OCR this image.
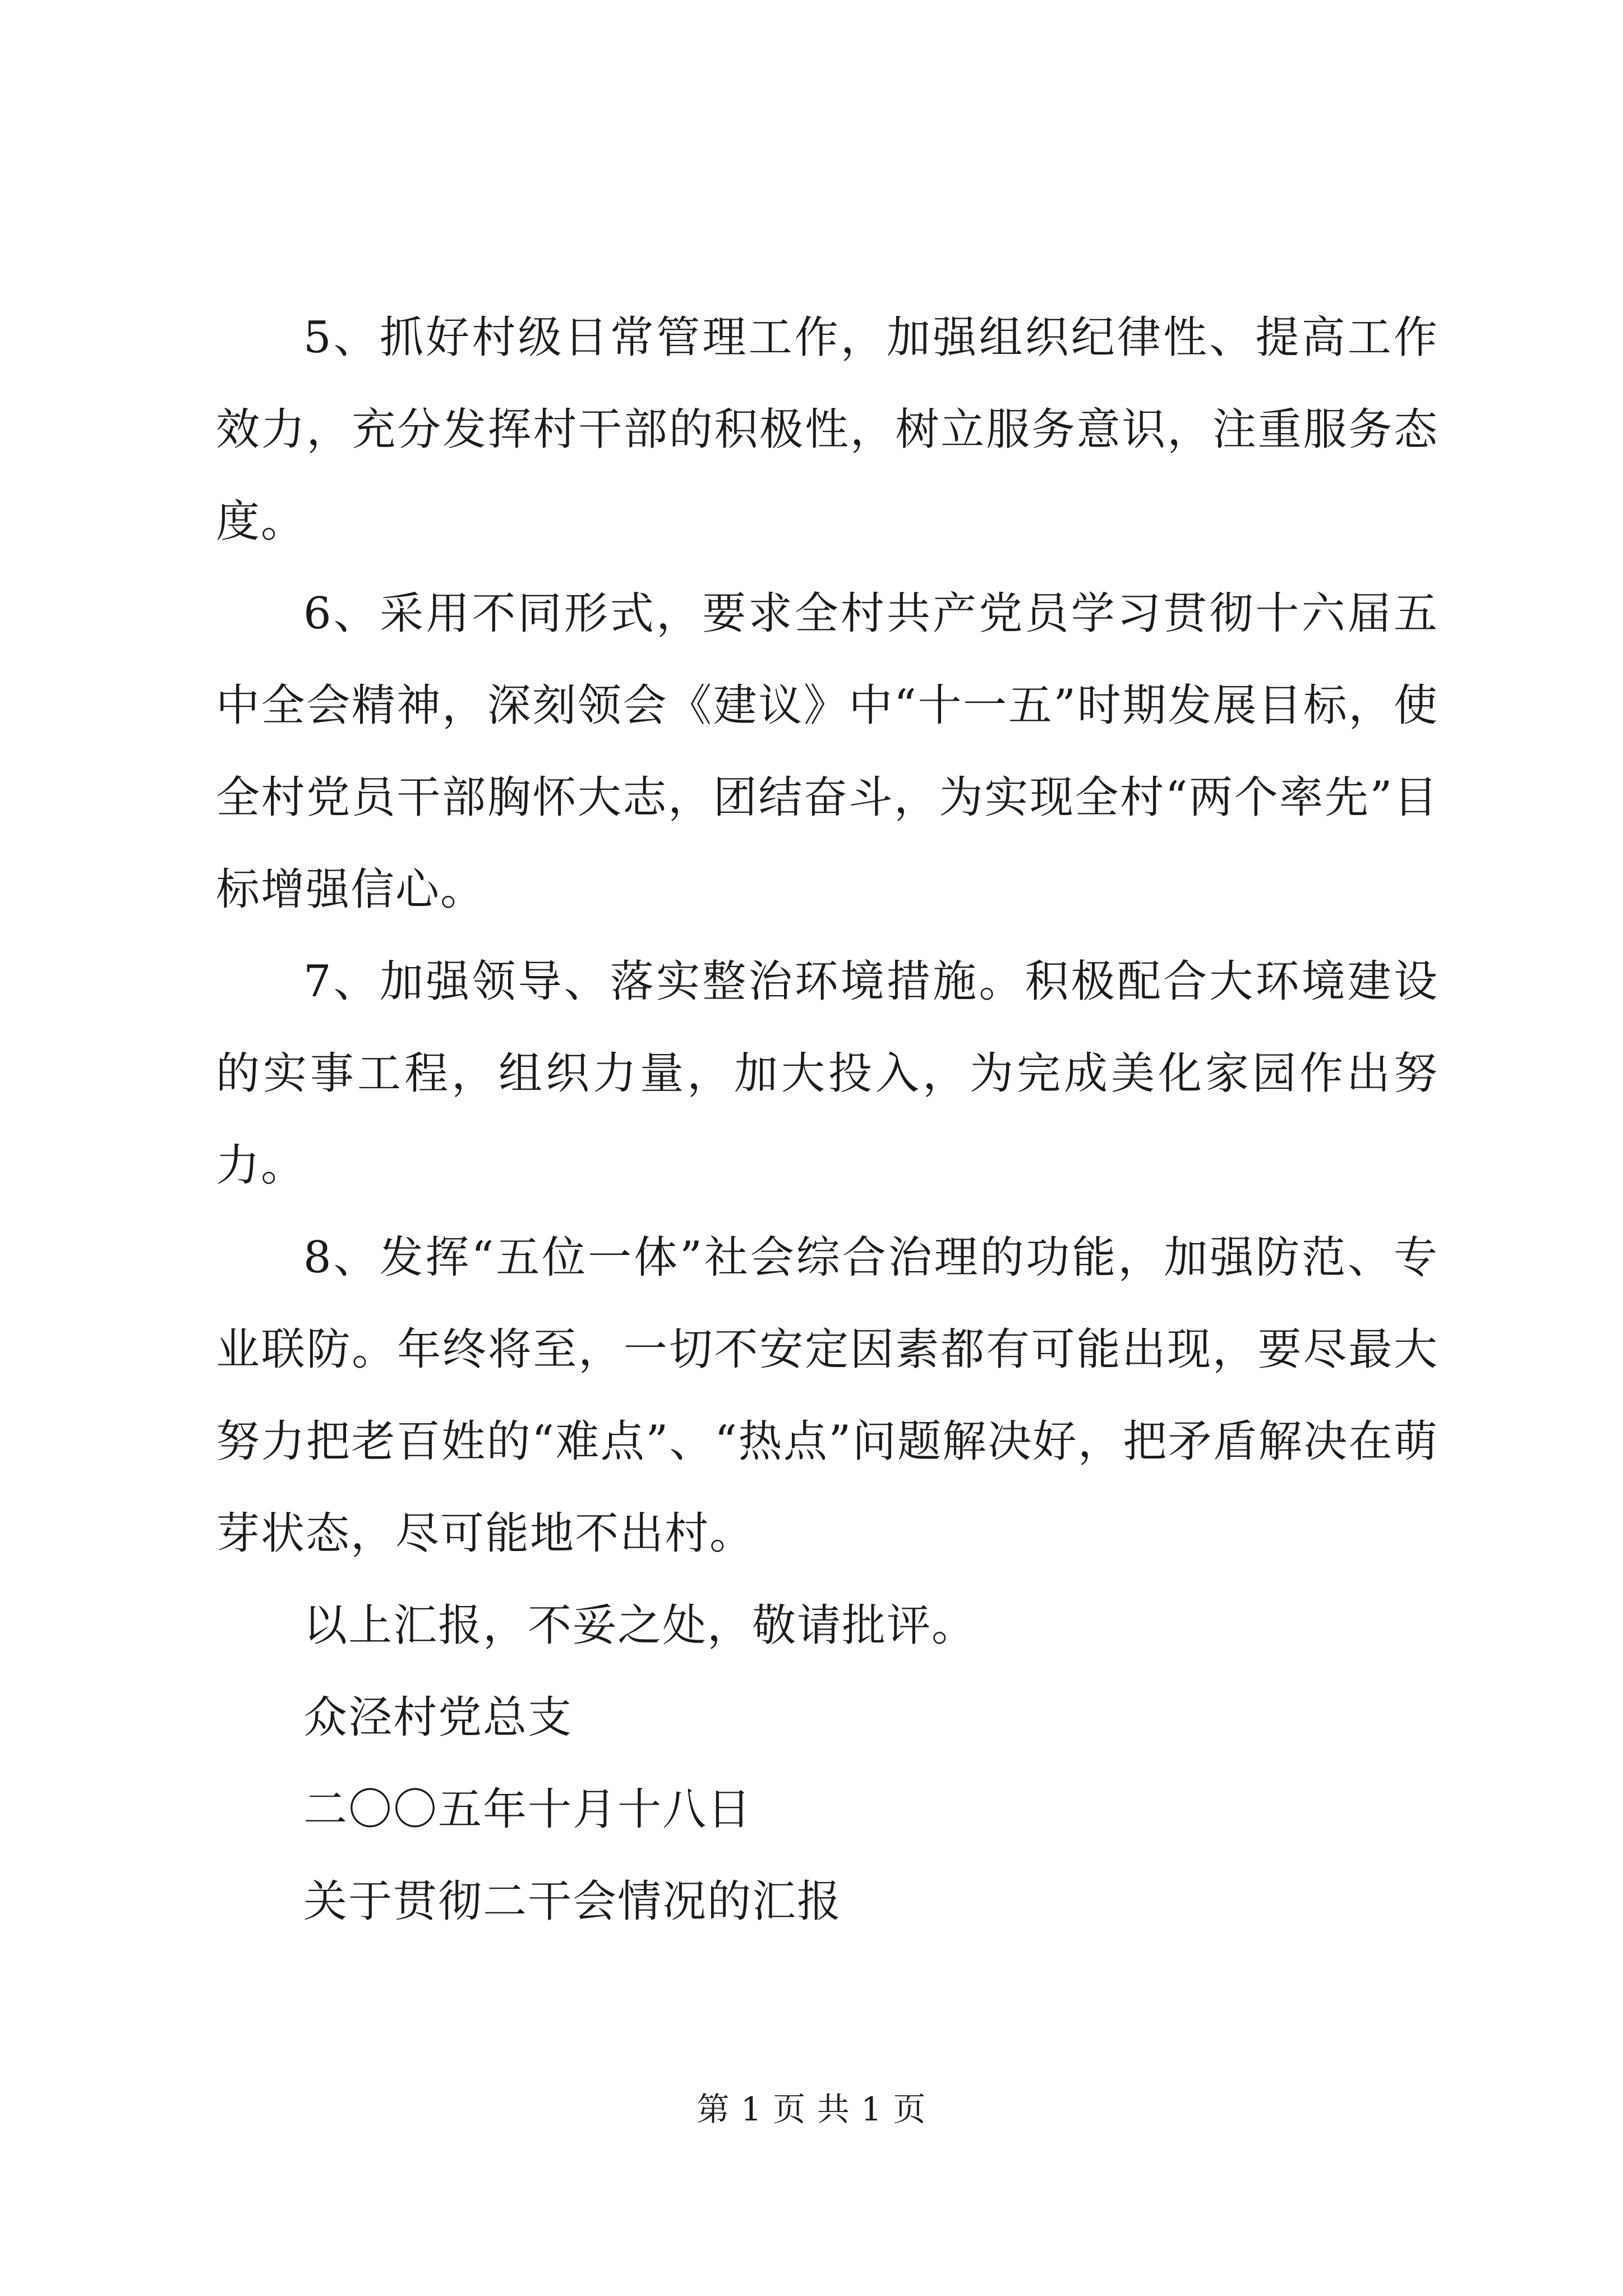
5、抓好村级日常管理工作，加强组织纪律性、提高工作效力，充分发挥村干部的积极性，树立服务意识，注重服务态度。

6、采用不同形式，要求全村共产党员学习贯彻十六届五中全会精神，深刻领会《建议》中“十一五”时期发展目标，使全村党员干部胸怀大志，团结奋斗，为实现全村“两个率先”目标增强信心。

7、加强领导、落实整治环境措施。积极配合大环境建设的实事工程，组织力量，加大投入，为完成美化家园作出努力。

8、发挥“五位一体”社会综合治理的功能，加强防范、专业联防。年终将至，一切不安定因素都有可能出现，要尽最大努力把老百姓的“难点”、“热点”问题解决好，把矛盾解决在萌芽状态，尽可能地不出村。

以上汇报，不妥之处，敬请批评。

众泾村党总支

二〇〇五年十月十八日

关于贯彻二干会情况的汇报

第 1 页 共 1 页
